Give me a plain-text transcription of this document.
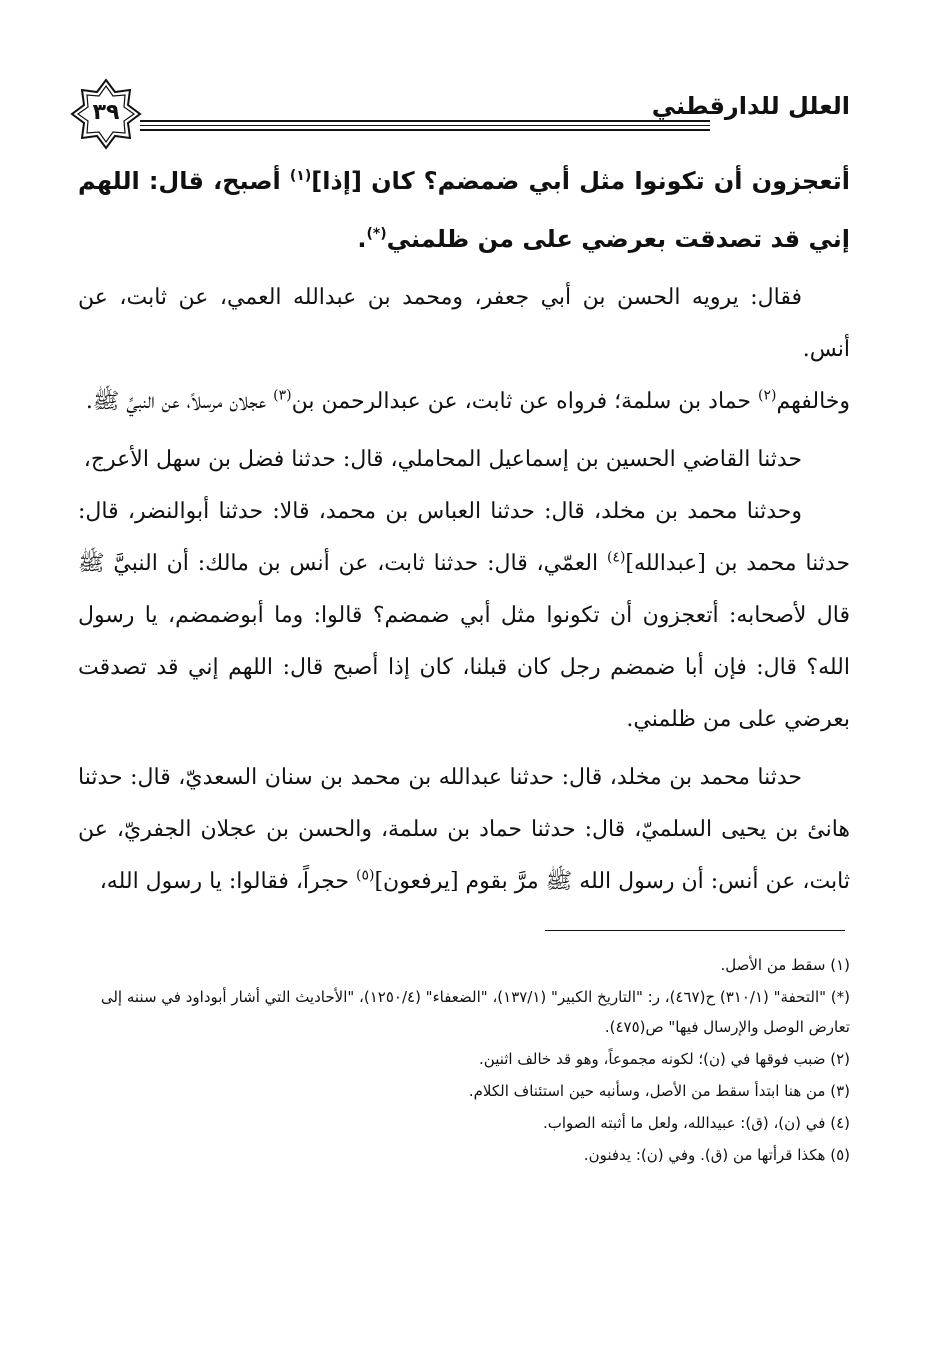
٣٩	العلل للدارقطني

أتعجزون أن تكونوا مثل أبي ضمضم؟ كان [إذا]$^{(١)}$ أصبح، قال: اللهم إني قد تصدقت بعرضي على من ظلمني(*).

فقال: يرويه الحسن بن أبي جعفر، ومحمد بن عبدالله العمي، عن ثابت، عن أنس.

وخالفهم$^{(٢)}$ حماد بن سلمة؛ فرواه عن ثابت، عن عبدالرحمن بن$^{(٣)}$ عجلان مرسلاً، عن النبيِّ ﷺ.

حدثنا القاضي الحسين بن إسماعيل المحاملي، قال: حدثنا فضل بن سهل الأعرج،

وحدثنا محمد بن مخلد، قال: حدثنا العباس بن محمد، قالا: حدثنا أبوالنضر، قال: حدثنا محمد بن [عبدالله]$^{(٤)}$ العمّي، قال: حدثنا ثابت، عن أنس بن مالك: أن النبيَّ ﷺ قال لأصحابه: أتعجزون أن تكونوا مثل أبي ضمضم؟ قالوا: وما أبوضمضم، يا رسول الله؟ قال: فإن أبا ضمضم رجل كان قبلنا، كان إذا أصبح قال: اللهم إني قد تصدقت بعرضي على من ظلمني.

حدثنا محمد بن مخلد، قال: حدثنا عبدالله بن محمد بن سنان السعديّ، قال: حدثنا هانئ بن يحيى السلميّ، قال: حدثنا حماد بن سلمة، والحسن بن عجلان الجفريّ، عن ثابت، عن أنس: أن رسول الله ﷺ مرَّ بقوم [يرفعون]$^{(٥)}$ حجراً، فقالوا: يا رسول الله،

(١) سقط من الأصل.

(*) "التحفة" (٣١٠/١) ح(٤٦٧)، ر: "التاريخ الكبير" (١٣٧/١)، "الضعفاء" (١٢٥٠/٤)، "الأحاديث التي أشار أبوداود في سننه إلى تعارض الوصل والإرسال فيها" ص(٤٧٥).

(٢) ضبب فوقها في (ن)؛ لكونه مجموعاً، وهو قد خالف اثنين.

(٣) من هنا ابتدأ سقط من الأصل، وسأنبه حين استئناف الكلام.

(٤) في (ن)، (ق): عبيدالله، ولعل ما أثبته الصواب.

(٥) هكذا قرأتها من (ق). وفي (ن): يدفنون.
